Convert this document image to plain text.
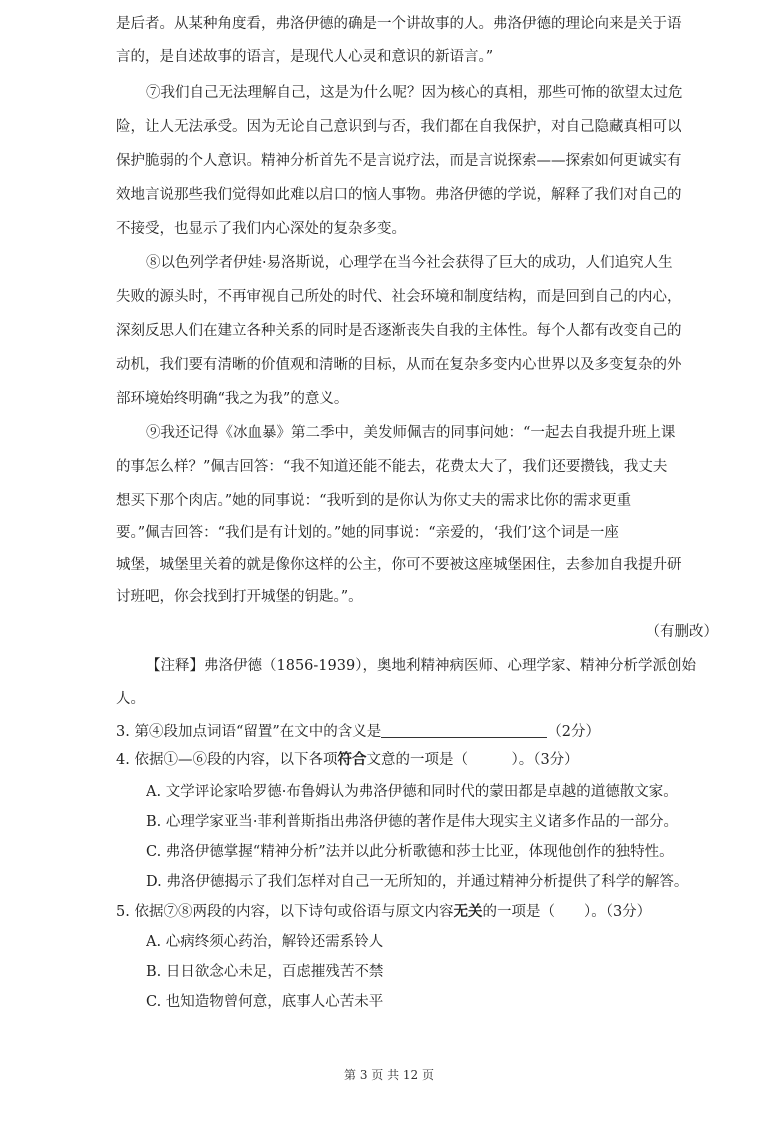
是后者。从某种角度看，弗洛伊德的确是一个讲故事的人。弗洛伊德的理论向来是关于语
言的，是自述故事的语言，是现代人心灵和意识的新语言。”
⑦我们自己无法理解自己，这是为什么呢？因为核心的真相，那些可怖的欲望太过危
险，让人无法承受。因为无论自己意识到与否，我们都在自我保护，对自己隐藏真相可以
保护脆弱的个人意识。精神分析首先不是言说疗法，而是言说探索——探索如何更诚实有
效地言说那些我们觉得如此难以启口的恼人事物。弗洛伊德的学说，解释了我们对自己的
不接受，也显示了我们内心深处的复杂多变。
⑧以色列学者伊娃·易洛斯说，心理学在当今社会获得了巨大的成功，人们追究人生
失败的源头时，不再审视自己所处的时代、社会环境和制度结构，而是回到自己的内心，
深刻反思人们在建立各种关系的同时是否逐渐丧失自我的主体性。每个人都有改变自己的
动机，我们要有清晰的价值观和清晰的目标，从而在复杂多变内心世界以及多变复杂的外
部环境始终明确“我之为我”的意义。
⑨我还记得《冰血暴》第二季中，美发师佩吉的同事问她：“一起去自我提升班上课
的事怎么样？”佩吉回答：“我不知道还能不能去，花费太大了，我们还要攒钱，我丈夫
想买下那个肉店。”她的同事说：“我听到的是你认为你丈夫的需求比你的需求更重
要。”佩吉回答：“我们是有计划的。”她的同事说：“亲爱的，‘我们’这个词是一座
城堡，城堡里关着的就是像你这样的公主，你可不要被这座城堡困住，去参加自我提升研
讨班吧，你会找到打开城堡的钥匙。”。
（有删改）
【注释】弗洛伊德（1856-1939），奥地利精神病医师、心理学家、精神分析学派创始
人。
3. 第④段加点词语“留置”在文中的含义是	（2分）
4. 依据①—⑥段的内容，以下各项符合文意的一项是（　　　）。（3分）
A. 文学评论家哈罗德·布鲁姆认为弗洛伊德和同时代的蒙田都是卓越的道德散文家。
B. 心理学家亚当·菲利普斯指出弗洛伊德的著作是伟大现实主义诸多作品的一部分。
C. 弗洛伊德掌握“精神分析”法并以此分析歌德和莎士比亚，体现他创作的独特性。
D. 弗洛伊德揭示了我们怎样对自己一无所知的，并通过精神分析提供了科学的解答。
5. 依据⑦⑧两段的内容，以下诗句或俗语与原文内容无关的一项是（　　）。（3分）
A. 心病终须心药治，解铃还需系铃人
B. 日日欲念心未足，百虑摧残苦不禁
C. 也知造物曾何意，底事人心苦未平
第 3 页 共 12 页
